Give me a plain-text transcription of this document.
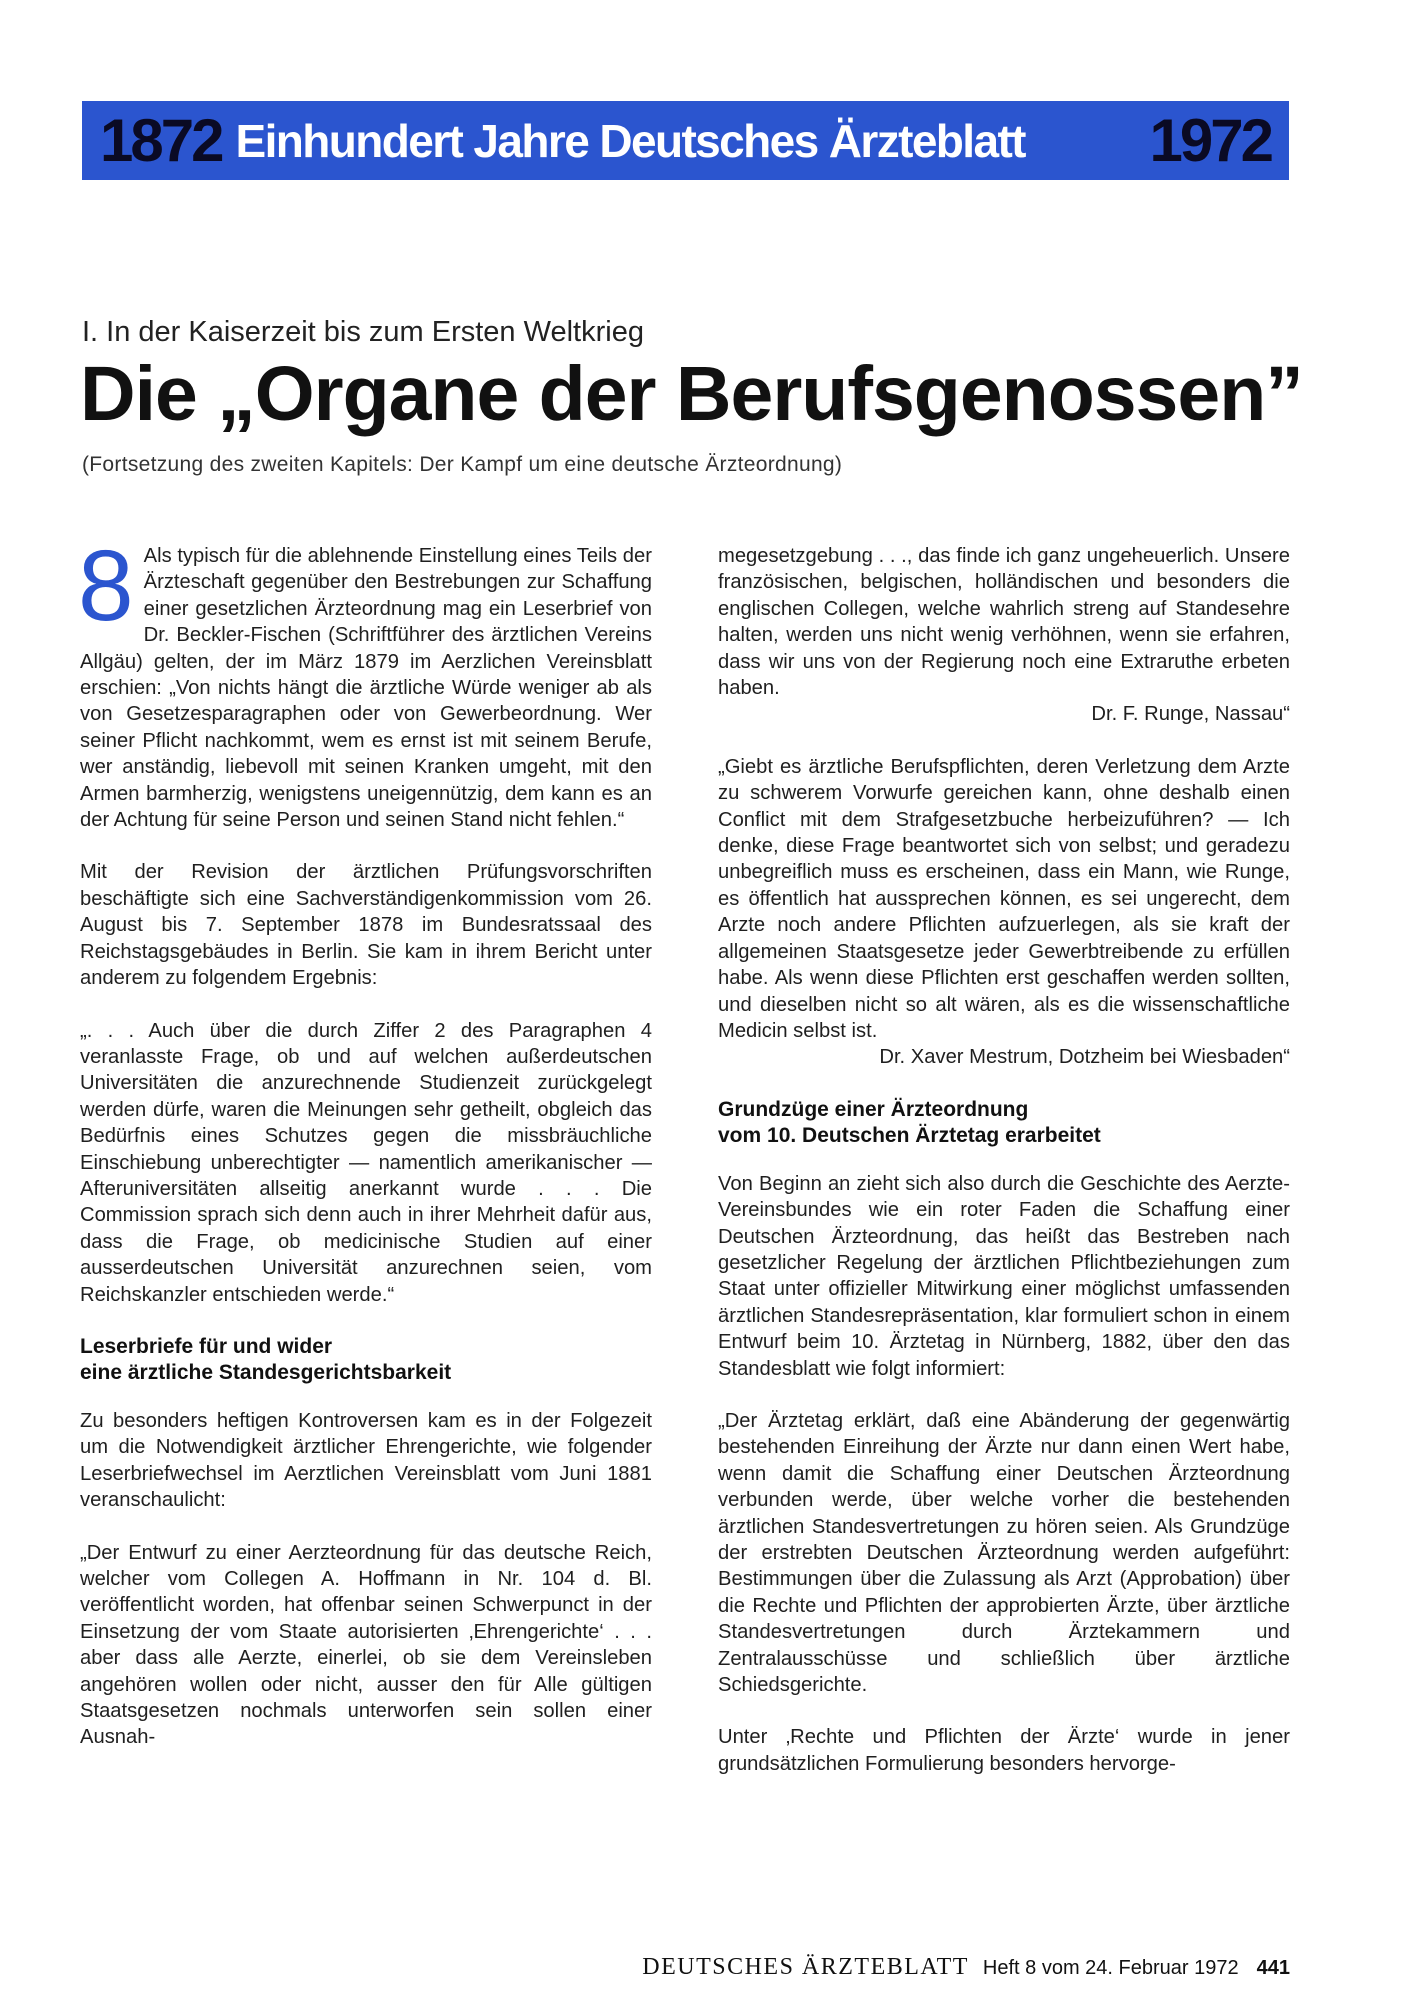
1872 Einhundert Jahre Deutsches Ärzteblatt	1972
I. In der Kaiserzeit bis zum Ersten Weltkrieg
Die „Organe der Berufsgenossen”
(Fortsetzung des zweiten Kapitels: Der Kampf um eine deutsche Ärzteordnung)

8 Als typisch für die ablehnende Einstellung eines Teils der Ärzteschaft gegenüber den Bestrebungen zur Schaffung einer gesetzlichen Ärzteordnung mag ein Leserbrief von Dr. Beckler-Fischen (Schriftführer des ärztlichen Vereins Allgäu) gelten, der im März 1879 im Aerzlichen Vereinsblatt erschien: „Von nichts hängt die ärztliche Würde weniger ab als von Gesetzesparagraphen oder von Gewerbeordnung. Wer seiner Pflicht nachkommt, wem es ernst ist mit seinem Berufe, wer anständig, liebevoll mit seinen Kranken umgeht, mit den Armen barmherzig, wenigstens uneigennützig, dem kann es an der Achtung für seine Person und seinen Stand nicht fehlen.“

Mit der Revision der ärztlichen Prüfungsvorschriften beschäftigte sich eine Sachverständigenkommission vom 26. August bis 7. September 1878 im Bundesratssaal des Reichstagsgebäudes in Berlin. Sie kam in ihrem Bericht unter anderem zu folgendem Ergebnis:

„. . . Auch über die durch Ziffer 2 des Paragraphen 4 veranlasste Frage, ob und auf welchen außerdeutschen Universitäten die anzurechnende Studienzeit zurückgelegt werden dürfe, waren die Meinungen sehr getheilt, obgleich das Bedürfnis eines Schutzes gegen die missbräuchliche Einschiebung unberechtigter — namentlich amerikanischer — Afteruniversitäten allseitig anerkannt wurde . . . Die Commission sprach sich denn auch in ihrer Mehrheit dafür aus, dass die Frage, ob medicinische Studien auf einer ausserdeutschen Universität anzurechnen seien, vom Reichskanzler entschieden werde.“

Leserbriefe für und wider
eine ärztliche Standesgerichtsbarkeit

Zu besonders heftigen Kontroversen kam es in der Folgezeit um die Notwendigkeit ärztlicher Ehrengerichte, wie folgender Leserbriefwechsel im Aerztlichen Vereinsblatt vom Juni 1881 veranschaulicht:

„Der Entwurf zu einer Aerzteordnung für das deutsche Reich, welcher vom Collegen A. Hoffmann in Nr. 104 d. Bl. veröffentlicht worden, hat offenbar seinen Schwerpunct in der Einsetzung der vom Staate autorisierten ‚Ehrengerichte‘ . . . aber dass alle Aerzte, einerlei, ob sie dem Vereinsleben angehören wollen oder nicht, ausser den für Alle gültigen Staatsgesetzen nochmals unterworfen sein sollen einer Ausnah-

megesetzgebung . . ., das finde ich ganz ungeheuerlich. Unsere französischen, belgischen, holländischen und besonders die englischen Collegen, welche wahrlich streng auf Standesehre halten, werden uns nicht wenig verhöhnen, wenn sie erfahren, dass wir uns von der Regierung noch eine Extraruthe erbeten haben.
Dr. F. Runge, Nassau“

„Giebt es ärztliche Berufspflichten, deren Verletzung dem Arzte zu schwerem Vorwurfe gereichen kann, ohne deshalb einen Conflict mit dem Strafgesetzbuche herbeizuführen? — Ich denke, diese Frage beantwortet sich von selbst; und geradezu unbegreiflich muss es erscheinen, dass ein Mann, wie Runge, es öffentlich hat aussprechen können, es sei ungerecht, dem Arzte noch andere Pflichten aufzuerlegen, als sie kraft der allgemeinen Staatsgesetze jeder Gewerbtreibende zu erfüllen habe. Als wenn diese Pflichten erst geschaffen werden sollten, und dieselben nicht so alt wären, als es die wissenschaftliche Medicin selbst ist.
Dr. Xaver Mestrum, Dotzheim bei Wiesbaden“

Grundzüge einer Ärzteordnung
vom 10. Deutschen Ärztetag erarbeitet

Von Beginn an zieht sich also durch die Geschichte des Aerzte-Vereinsbundes wie ein roter Faden die Schaffung einer Deutschen Ärzteordnung, das heißt das Bestreben nach gesetzlicher Regelung der ärztlichen Pflichtbeziehungen zum Staat unter offizieller Mitwirkung einer möglichst umfassenden ärztlichen Standesrepräsentation, klar formuliert schon in einem Entwurf beim 10. Ärztetag in Nürnberg, 1882, über den das Standesblatt wie folgt informiert:

„Der Ärztetag erklärt, daß eine Abänderung der gegenwärtig bestehenden Einreihung der Ärzte nur dann einen Wert habe, wenn damit die Schaffung einer Deutschen Ärzteordnung verbunden werde, über welche vorher die bestehenden ärztlichen Standesvertretungen zu hören seien. Als Grundzüge der erstrebten Deutschen Ärzteordnung werden aufgeführt: Bestimmungen über die Zulassung als Arzt (Approbation) über die Rechte und Pflichten der approbierten Ärzte, über ärztliche Standesvertretungen durch Ärztekammern und Zentralausschüsse und schließlich über ärztliche Schiedsgerichte.

Unter ‚Rechte und Pflichten der Ärzte‘ wurde in jener grundsätzlichen Formulierung besonders hervorge-

DEUTSCHES ÄRZTEBLATT Heft 8 vom 24. Februar 1972 441
